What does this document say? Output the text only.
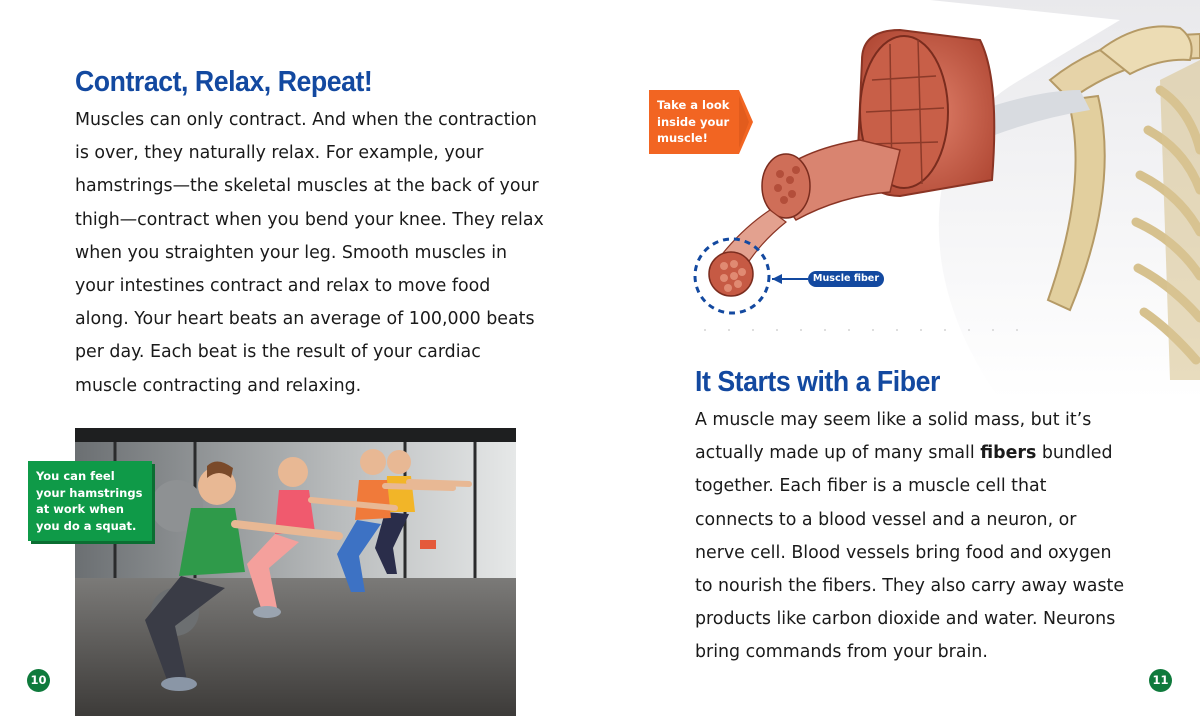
Contract, Relax, Repeat!
Muscles can only contract. And when the contraction
is over, they naturally relax. For example, your
hamstrings—the skeletal muscles at the back of your
thigh—contract when you bend your knee. They relax
when you straighten your leg. Smooth muscles in
your intestines contract and relax to move food
along. Your heart beats an average of 100,000 beats
per day. Each beat is the result of your cardiac
muscle contracting and relaxing.
You can feel
your hamstrings
at work when
you do a squat.
10
Muscle fiber
It Starts with a Fiber
A muscle may seem like a solid mass, but it’s
actually made up of many small fibers bundled
together. Each fiber is a muscle cell that
connects to a blood vessel and a neuron, or
nerve cell. Blood vessels bring food and oxygen
to nourish the fibers. They also carry away waste
products like carbon dioxide and water. Neurons
bring commands from your brain.
11
Take a look
inside your
muscle!
